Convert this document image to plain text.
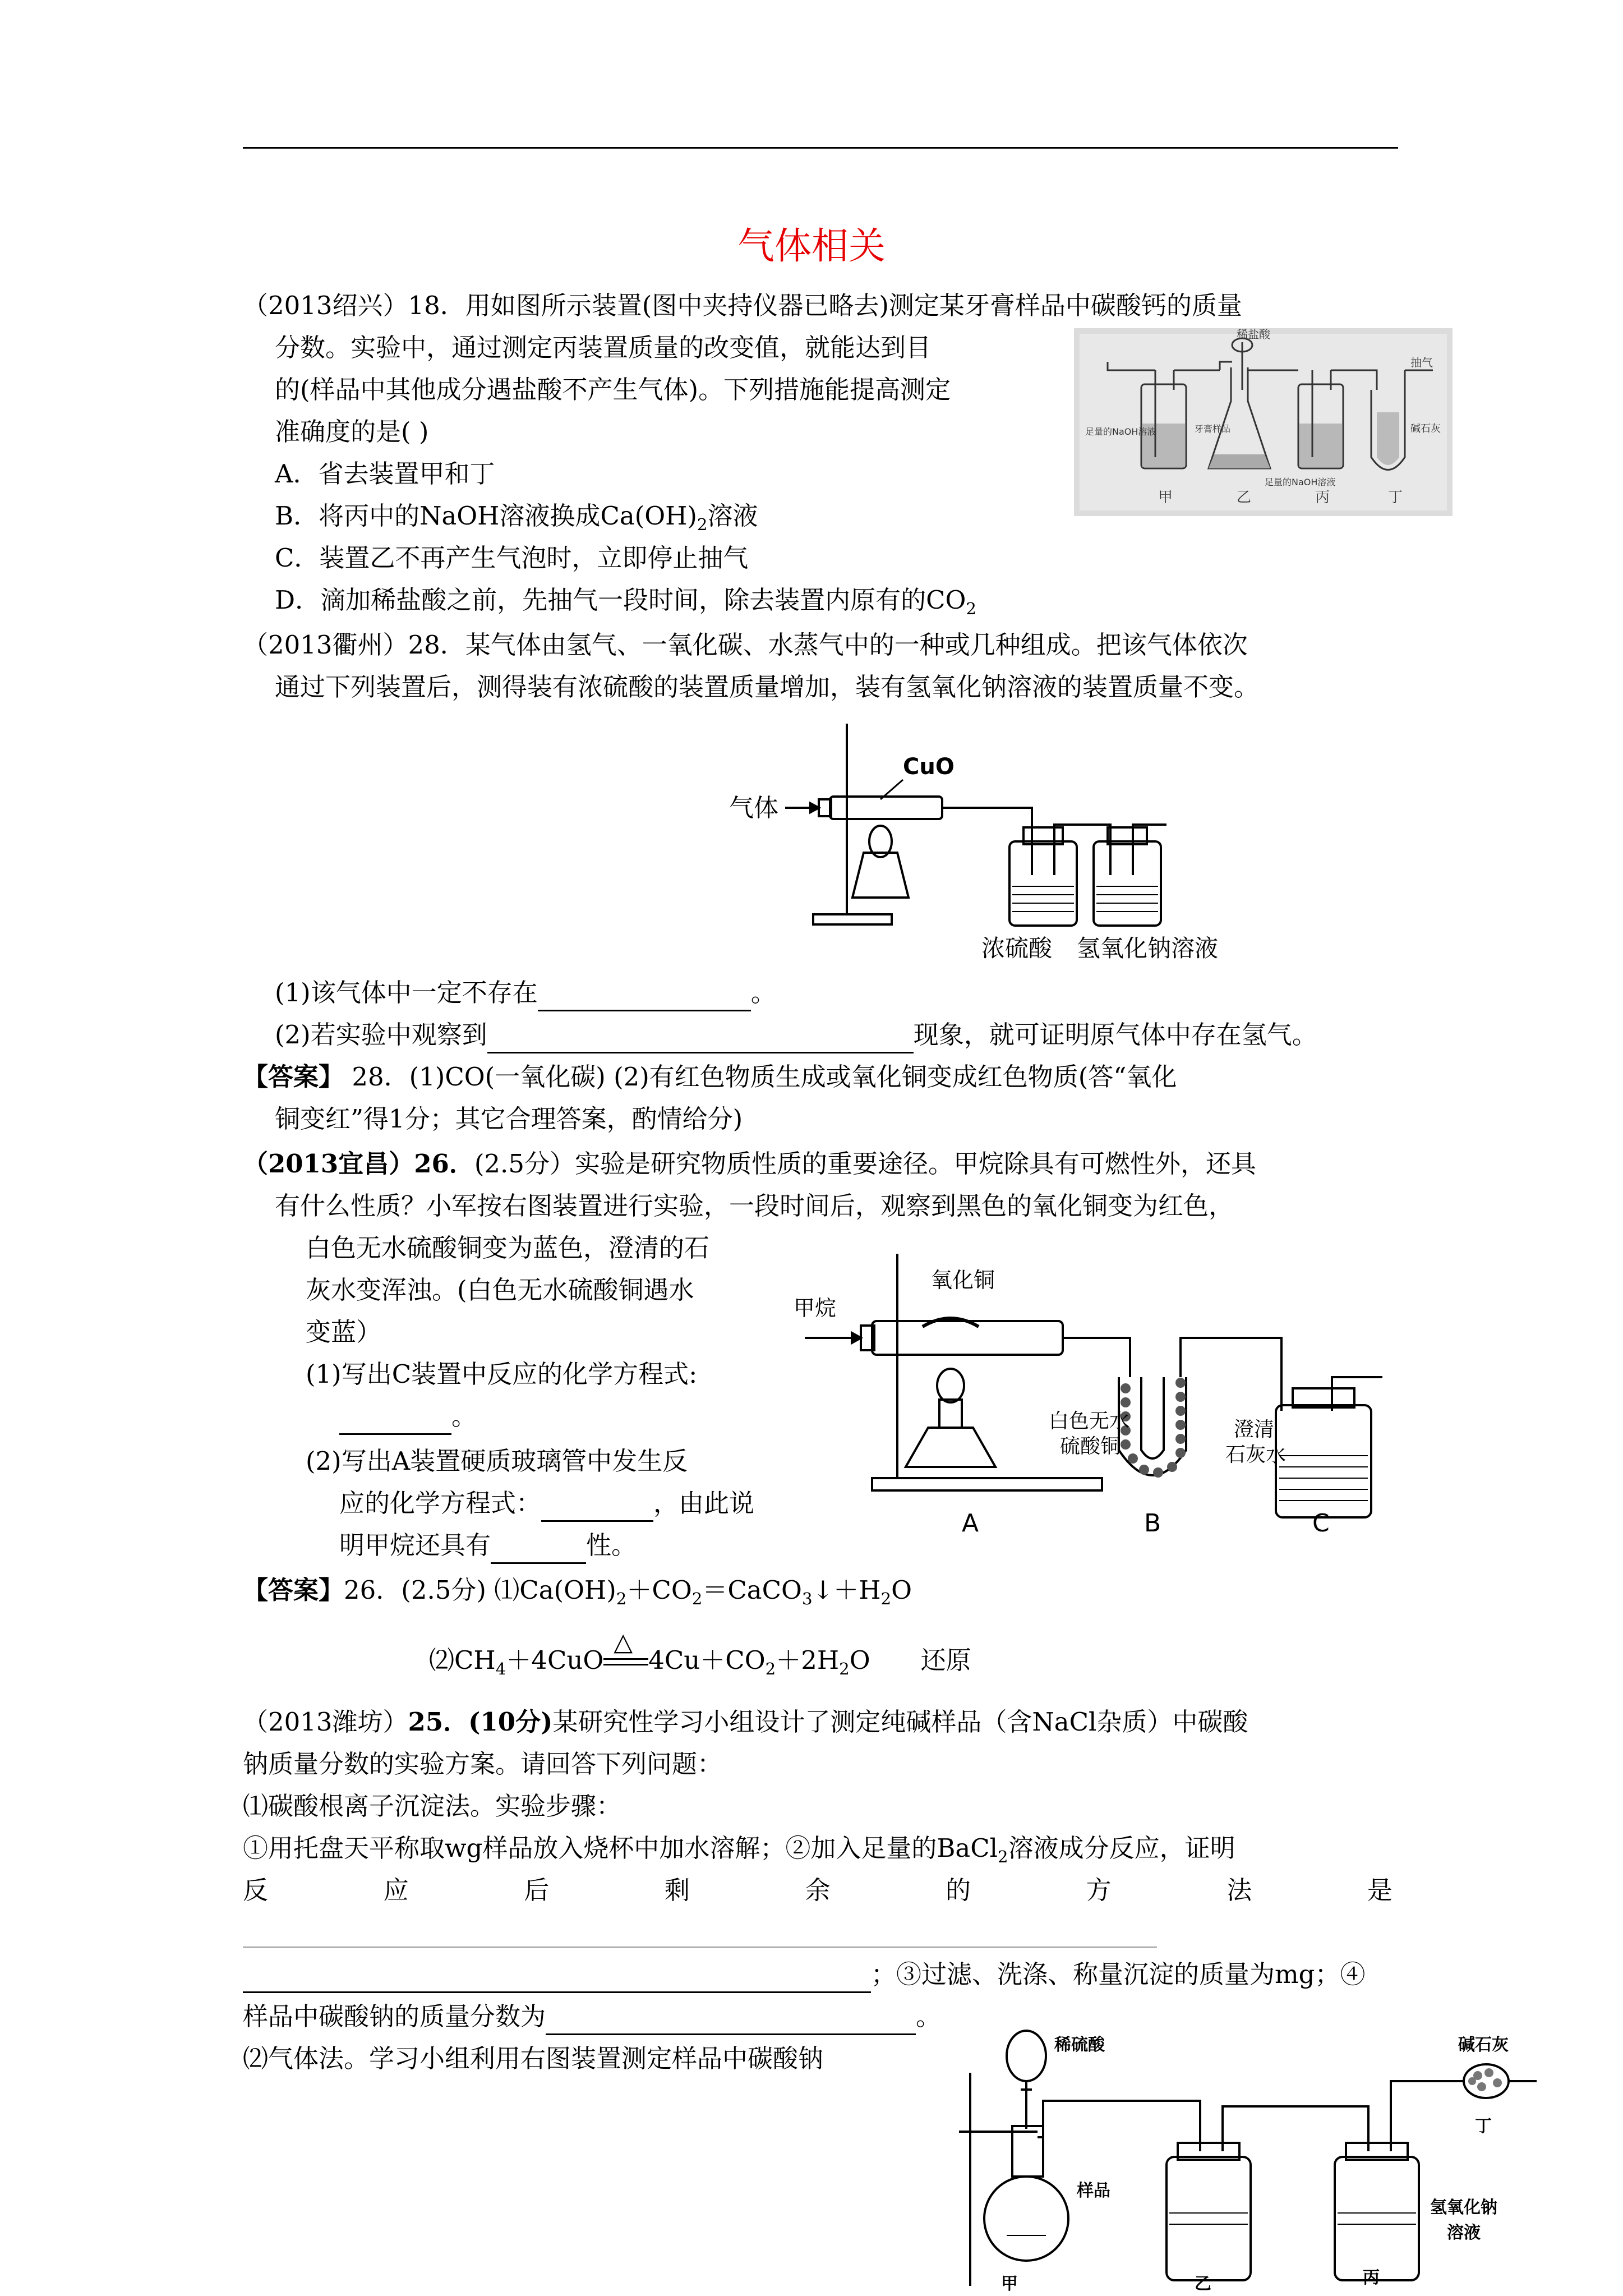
气体相关
（2013绍兴）18．用如图所示装置(图中夹持仪器已略去)测定某牙膏样品中碳酸钙的质量
分数。实验中，通过测定丙装置质量的改变值，就能达到目
的(样品中其他成分遇盐酸不产生气体)。下列措施能提高测定
准确度的是( )
A．省去装置甲和丁
B．将丙中的NaOH溶液换成$Ca(OH)_2$溶液
C．装置乙不再产生气泡时，立即停止抽气
D．滴加稀盐酸之前，先抽气一段时间，除去装置内原有的$CO_2$
稀盐酸
抽气
足量的NaOH溶液	牙膏样品
足量的NaOH溶液
碱石灰
甲	乙	丙	丁
（2013衢州）28．某气体由氢气、一氧化碳、水蒸气中的一种或几种组成。把该气体依次
通过下列装置后，测得装有浓硫酸的装置质量增加，装有氢氧化钠溶液的装置质量不变。
气体
CuO
浓硫酸 氢氧化钠溶液
(1)该气体中一定不存在	。
(2)若实验中观察到	现象，就可证明原气体中存在氢气。
【答案】 28．(1)CO(一氧化碳) (2)有红色物质生成或氧化铜变成红色物质(答“氧化
铜变红”得1分；其它合理答案，酌情给分)
（2013宜昌）26．(2.5分）实验是研究物质性质的重要途径。甲烷除具有可燃性外，还具
有什么性质？小军按右图装置进行实验，一段时间后，观察到黑色的氧化铜变为红色，
白色无水硫酸铜变为蓝色，澄清的石
灰水变浑浊。(白色无水硫酸铜遇水
变蓝）
(1)写出C装置中反应的化学方程式:
。
(2)写出A装置硬质玻璃管中发生反
应的化学方程式：	，由此说
明甲烷还具有	性。
甲烷
氧化铜
白色无水
硫酸铜
澄清
石灰水
A	B	C
【答案】26．(2.5分) $⑴Ca(OH)_2+CO_2=CaCO_3↓+H_2O$
$⑵CH_4+4CuO$
△
$4Cu+CO_2+2H_2O$ 还原
（2013潍坊）25．(10分)某研究性学习小组设计了测定纯碱样品（含NaCl杂质）中碳酸
钠质量分数的实验方案。请回答下列问题：
⑴碳酸根离子沉淀法。实验步骤：
①用托盘天平称取wg样品放入烧杯中加水溶解；②加入足量的BaCl$_2$溶液成分反应，证明
反	应	后	剩	余	的	方	法	是
；③过滤、洗涤、称量沉淀的质量为mg；④
样品中碳酸钠的质量分数为	。
⑵气体法。学习小组利用右图装置测定样品中碳酸钠	稀硫酸
样品
碱石灰
氢氧化钠
溶液
丁
甲	乙	丙
